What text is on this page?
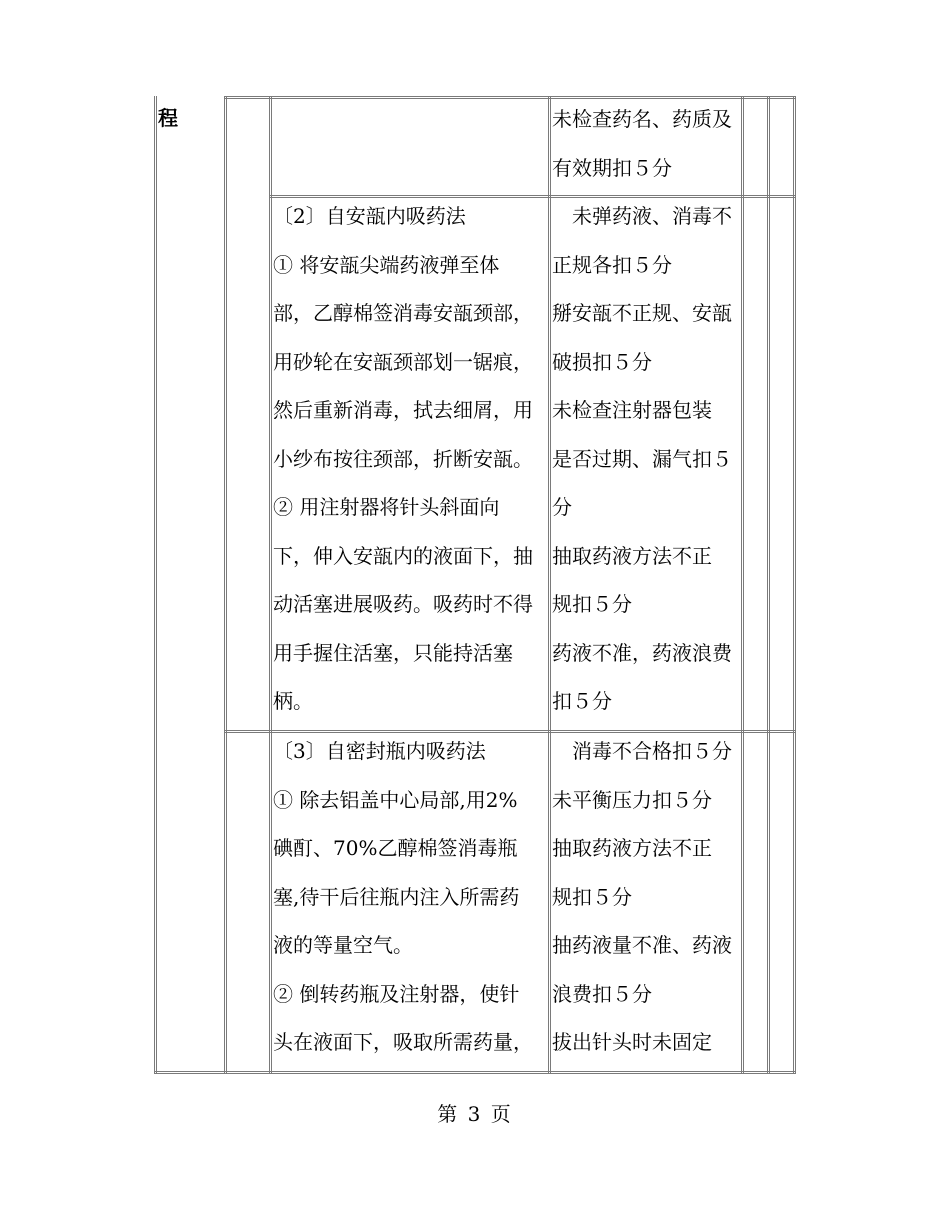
程	未检查药名、药质及
有效期扣５分
〔2〕自安瓿内吸药法
① 将安瓿尖端药液弹至体
部，乙醇棉签消毒安瓿颈部，
用砂轮在安瓿颈部划一锯痕，
然后重新消毒，拭去细屑，用
小纱布按往颈部，折断安瓿。
② 用注射器将针头斜面向
下，伸入安瓿内的液面下，抽
动活塞进展吸药。吸药时不得
用手握住活塞，只能持活塞
柄。
　未弹药液、消毒不
正规各扣５分
掰安瓿不正规、安瓿
破损扣５分
未检查注射器包装
是否过期、漏气扣５
分
抽取药液方法不正
规扣５分
药液不准，药液浪费
扣５分
〔3〕自密封瓶内吸药法
① 除去铝盖中心局部,用2%
碘酊、70%乙醇棉签消毒瓶
塞,待干后往瓶内注入所需药
液的等量空气。
② 倒转药瓶及注射器，使针
头在液面下，吸取所需药量，
　消毒不合格扣５分
未平衡压力扣５分
抽取药液方法不正
规扣５分
抽药液量不准、药液
浪费扣５分
拔出针头时未固定
第 3 页
